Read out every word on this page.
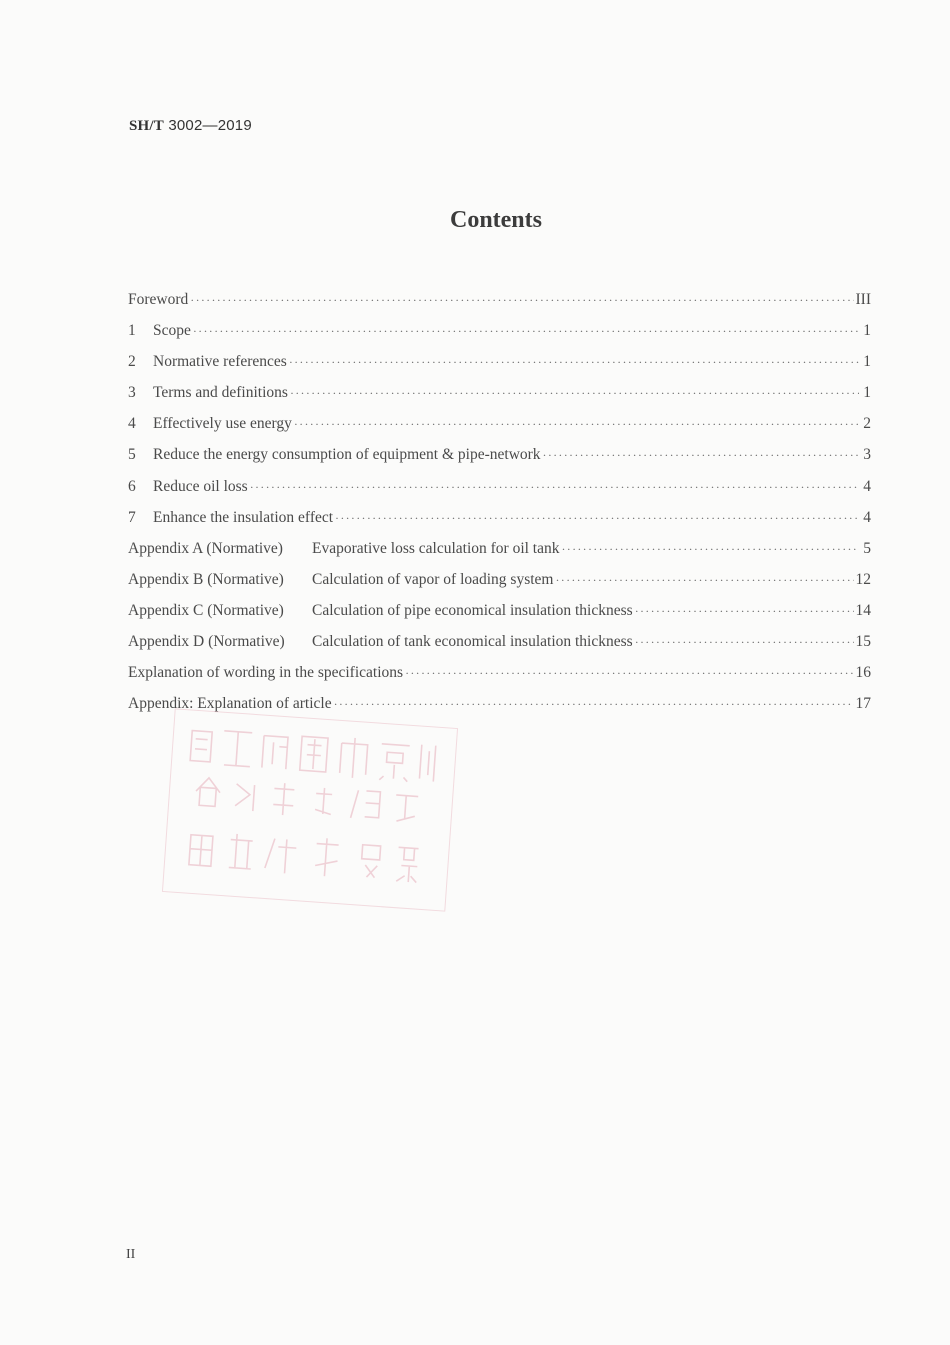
SH/T 3002—2019
Contents
Foreword ·····	III
1	Scope ·····	1
2	Normative references ·····	1
3	Terms and definitions ·····	1
4	Effectively use energy ·····	2
5	Reduce the energy consumption of equipment & pipe-network ·····	3
6	Reduce oil loss ·····	4
7	Enhance the insulation effect ·····	4
Appendix A (Normative)	Evaporative loss calculation for oil tank ·····	5
Appendix B (Normative)	Calculation of vapor of loading system ·····	12
Appendix C (Normative)	Calculation of pipe economical insulation thickness ·····	14
Appendix D (Normative)	Calculation of tank economical insulation thickness ·····	15
Explanation of wording in the specifications ·····	16
Appendix: Explanation of article ·····	17
II
